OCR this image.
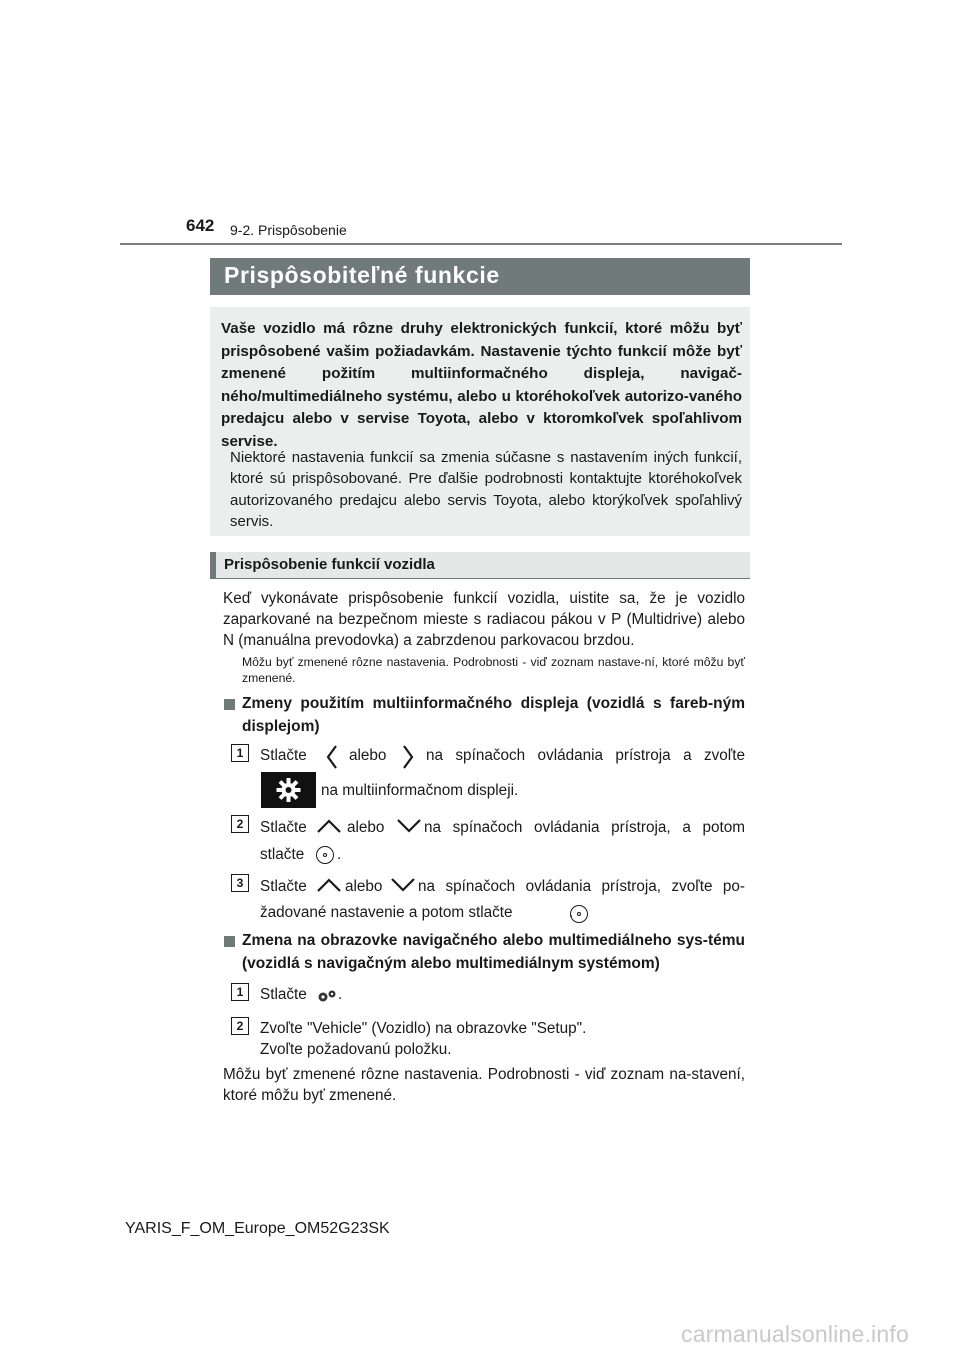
642 9-2. Prispôsobenie
Prispôsobiteľné funkcie
Vaše vozidlo má rôzne druhy elektronických funkcií, ktoré môžu byť prispôsobené vašim požiadavkám. Nastavenie týchto funkcií môže byť zmenené požitím multiinformačného displeja, navigač-ného/multimediálneho systému, alebo u ktoréhokoľvek autorizo-vaného predajcu alebo v servise Toyota, alebo v ktoromkoľvek spoľahlivom servise.
Niektoré nastavenia funkcií sa zmenia súčasne s nastavením iných funkcií, ktoré sú prispôsobované. Pre ďalšie podrobnosti kontaktujte ktoréhokoľvek autorizovaného predajcu alebo servis Toyota, alebo ktorýkoľvek spoľahlivý servis.
Prispôsobenie funkcií vozidla
Keď vykonávate prispôsobenie funkcií vozidla, uistite sa, že je vozidlo zaparkované na bezpečnom mieste s radiacou pákou v P (Multidrive) alebo N (manuálna prevodovka) a zabrzdenou parkovacou brzdou.
Môžu byť zmenené rôzne nastavenia. Podrobnosti - viď zoznam nastave-ní, ktoré môžu byť zmenené.
Zmeny použitím multiinformačného displeja (vozidlá s fareb-ným displejom)
1	Stlačte	alebo	na spínačoch ovládania prístroja a zvoľte
na multiinformačnom displeji.
2	Stlačte	alebo	na spínačoch ovládania prístroja, a potom
stlačte
.
3	Stlačte alebo na spínačoch ovládania prístroja, zvoľte po-
žadované nastavenie a potom stlačte	.
Zmena na obrazovke navigačného alebo multimediálneho sys-tému (vozidlá s navigačným alebo multimediálnym systémom)
1	Stlačte .
2	Zvoľte "Vehicle" (Vozidlo) na obrazovke "Setup".
Zvoľte požadovanú položku.
Môžu byť zmenené rôzne nastavenia. Podrobnosti - viď zoznam na-stavení, ktoré môžu byť zmenené.
YARIS_F_OM_Europe_OM52G23SK
carmanualsonline.info
